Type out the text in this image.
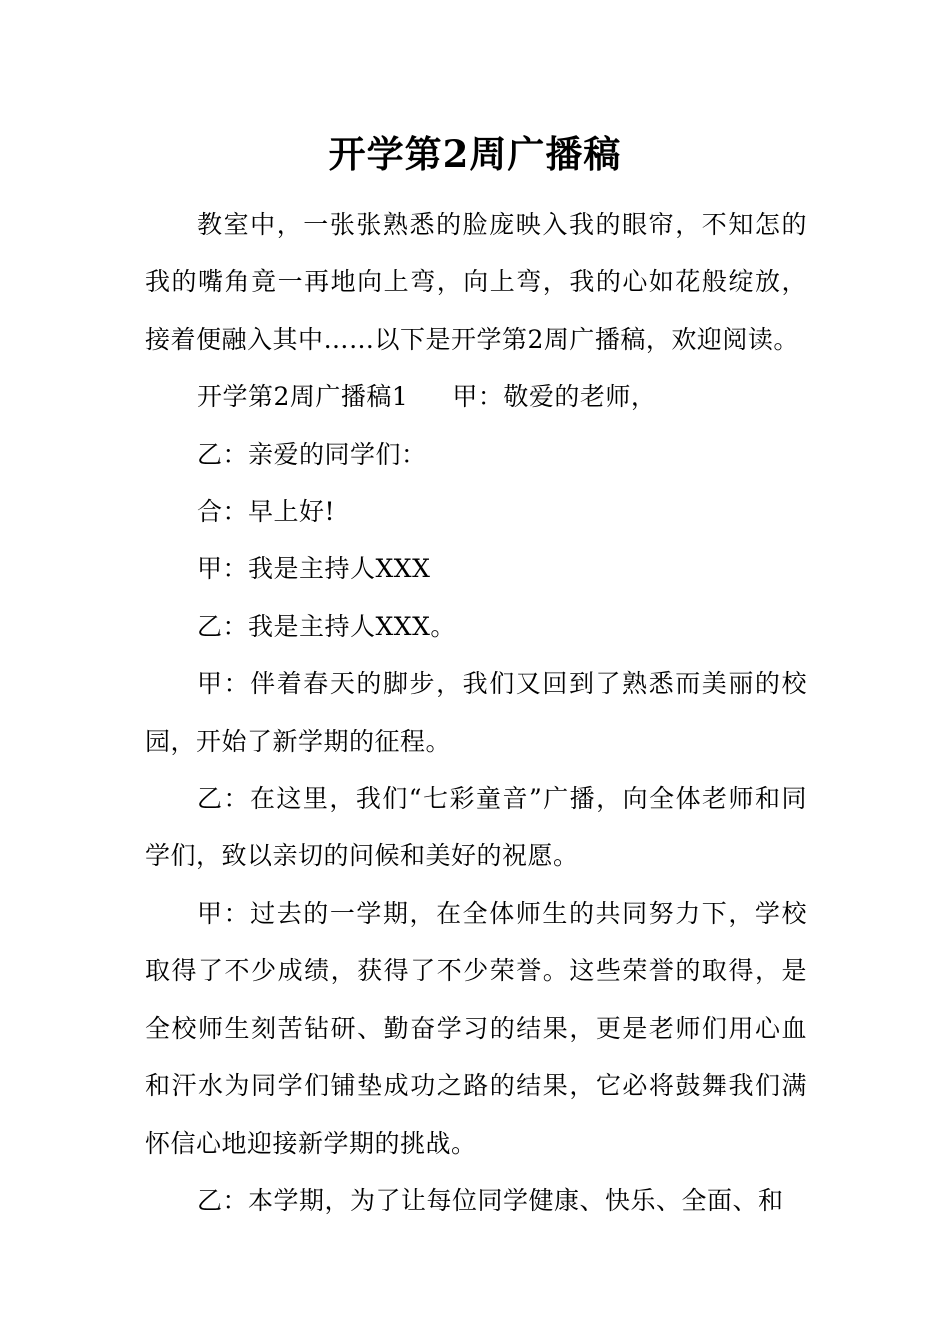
开学第2周广播稿

教室中，一张张熟悉的脸庞映入我的眼帘，不知怎的我的嘴角竟一再地向上弯，向上弯，我的心如花般绽放，接着便融入其中……以下是开学第2周广播稿，欢迎阅读。

开学第2周广播稿1 甲：敬爱的老师，

乙：亲爱的同学们：

合：早上好!

甲：我是主持人XXX

乙：我是主持人XXX。

甲：伴着春天的脚步，我们又回到了熟悉而美丽的校园，开始了新学期的征程。

乙：在这里，我们“七彩童音”广播，向全体老师和同学们，致以亲切的问候和美好的祝愿。

甲：过去的一学期，在全体师生的共同努力下，学校取得了不少成绩，获得了不少荣誉。这些荣誉的取得，是全校师生刻苦钻研、勤奋学习的结果，更是老师们用心血和汗水为同学们铺垫成功之路的结果，它必将鼓舞我们满怀信心地迎接新学期的挑战。

乙：本学期，为了让每位同学健康、快乐、全面、和
